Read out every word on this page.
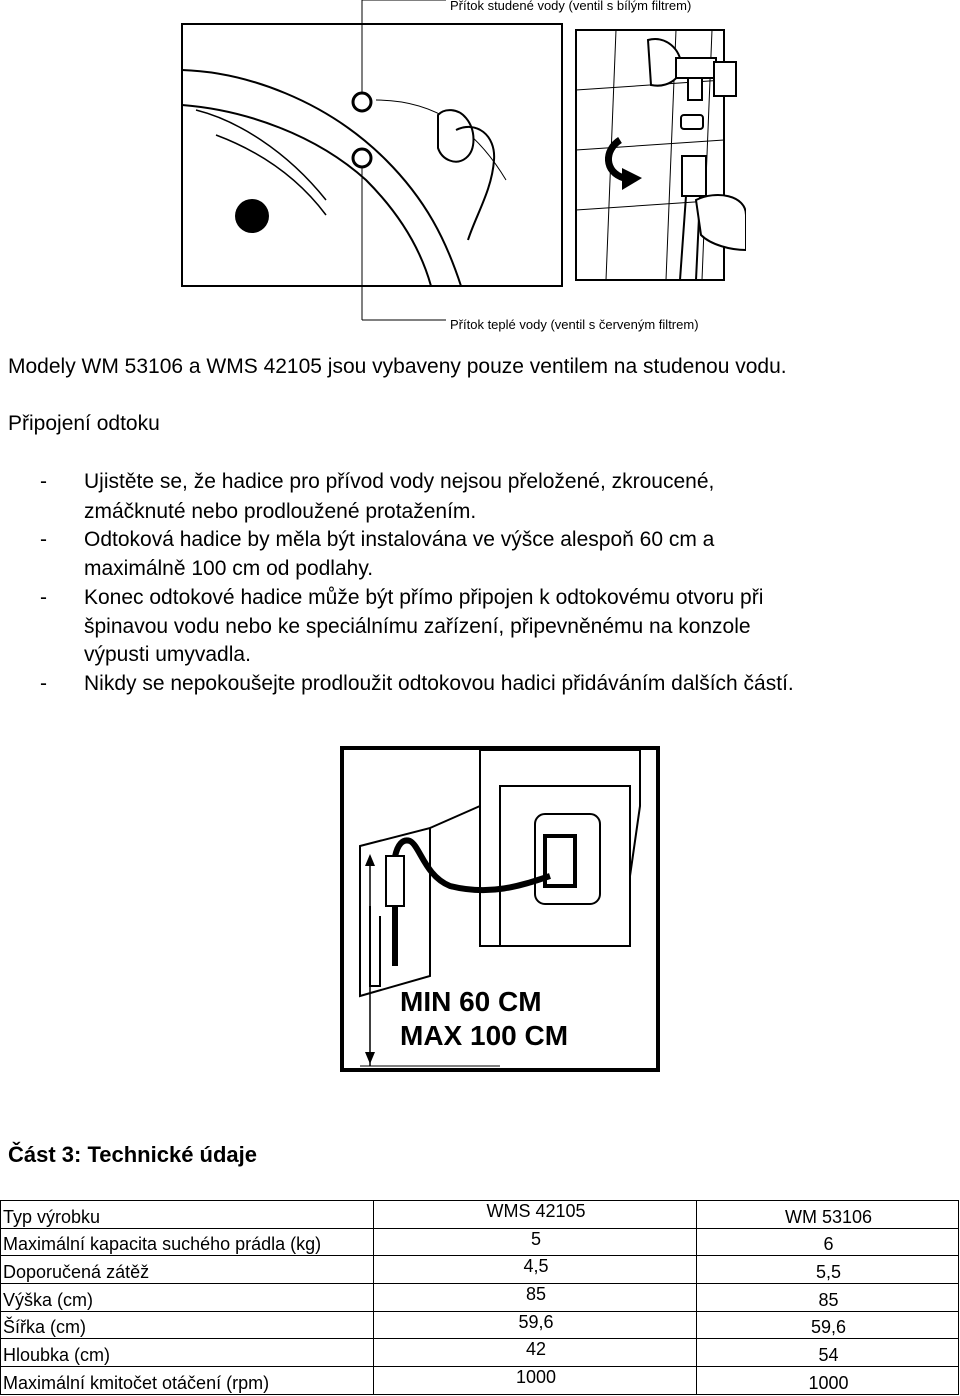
Přítok studené vody (ventil s bílým filtrem)
Přítok teplé vody (ventil s červeným filtrem)
Modely WM 53106 a WMS 42105 jsou vybaveny pouze ventilem na studenou vodu.
Připojení odtoku
- Ujistěte se, že hadice pro přívod vody nejsou přeložené, zkroucené,
zmáčknuté nebo prodloužené protažením.
- Odtoková hadice by měla být instalována ve výšce alespoň 60 cm a
maximálně 100 cm od podlahy.
- Konec odtokové hadice může být přímo připojen k odtokovému otvoru při
špinavou vodu nebo ke speciálnímu zařízení, připevněnému na konzole
výpusti umyvadla.
- Nikdy se nepokoušejte prodloužit odtokovou hadici přidáváním dalších částí.
MIN 60 CM
MAX 100 CM
Část 3: Technické údaje
Typ výrobku	WMS 42105	WM 53106
Maximální kapacita suchého prádla (kg)	5	6
Doporučená zátěž	4,5	5,5
Výška (cm)	85	85
Šířka (cm)	59,6	59,6
Hloubka (cm)	42	54
Maximální kmitočet otáčení (rpm)	1000	1000
